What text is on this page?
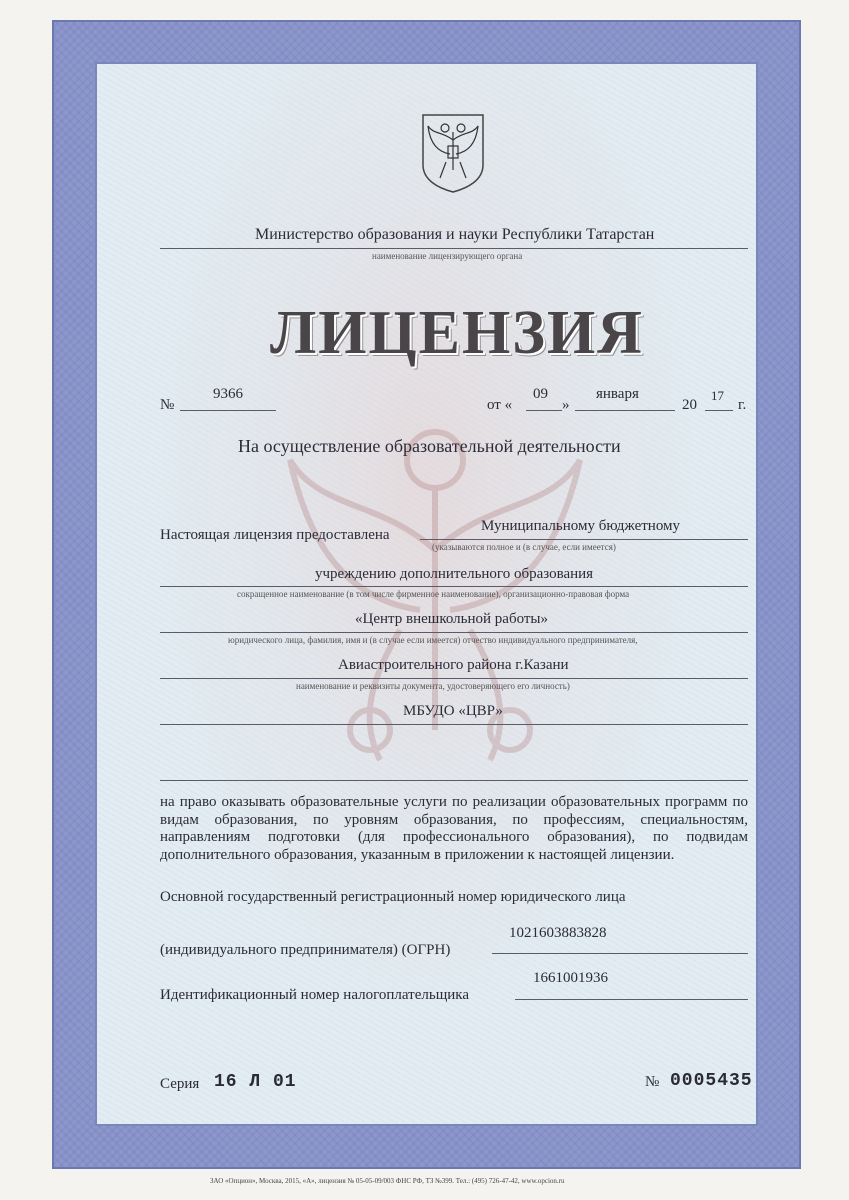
Министерство образования и науки Республики Татарстан
наименование лицензирующего органа
ЛИЦЕНЗИЯ
№
9366
от «
09
»
января
20
17
г.
На осуществление образовательной деятельности
Настоящая лицензия предоставлена
Муниципальному бюджетному
(указываются полное и (в случае, если имеется)
учреждению дополнительного образования
сокращенное наименование (в том числе фирменное наименование), организационно-правовая форма
«Центр внешкольной работы»
юридического лица, фамилия, имя и (в случае если имеется) отчество индивидуального предпринимателя,
Авиастроительного района г.Казани
наименование и реквизиты документа, удостоверяющего его личность)
МБУДО «ЦВР»
на право оказывать образовательные услуги по реализации образовательных программ по видам образования, по уровням образования, по профессиям, специальностям, направлениям подготовки (для профессионального образования), по подвидам дополнительного образования, указанным в приложении к настоящей лицензии.
Основной государственный регистрационный номер юридического лица
1021603883828
(индивидуального предпринимателя) (ОГРН)
1661001936
Идентификационный номер налогоплательщика
Серия 16 Л 01	№ 0005435
ЗАО «Опцион», Москва, 2015, «А», лицензия № 05-05-09/003 ФНС РФ, ТЗ №399. Тел.: (495) 726-47-42, www.opcion.ru
